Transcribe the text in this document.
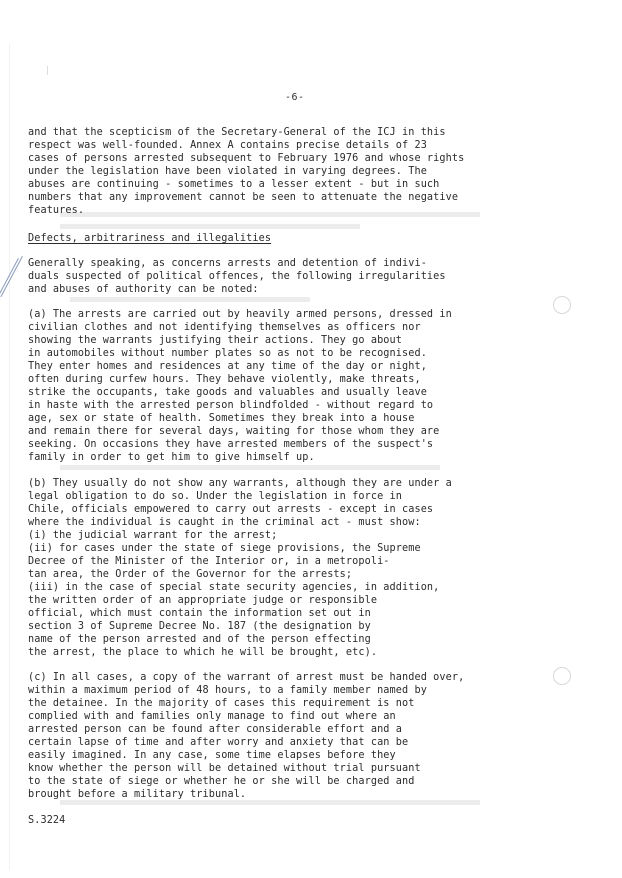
-6-
and that the scepticism of the Secretary-General of the ICJ in this
respect was well-founded. Annex A contains precise details of 23
cases of persons arrested subsequent to February 1976 and whose rights
under the legislation have been violated in varying degrees. The
abuses are continuing - sometimes to a lesser extent - but in such
numbers that any improvement cannot be seen to attenuate the negative
features.
Defects, arbitrariness and illegalities
Generally speaking, as concerns arrests and detention of indivi-
duals suspected of political offences, the following irregularities
and abuses of authority can be noted:
(a) The arrests are carried out by heavily armed persons, dressed in
civilian clothes and not identifying themselves as officers nor
showing the warrants justifying their actions. They go about
in automobiles without number plates so as not to be recognised.
They enter homes and residences at any time of the day or night,
often during curfew hours. They behave violently, make threats,
strike the occupants, take goods and valuables and usually leave
in haste with the arrested person blindfolded - without regard to
age, sex or state of health. Sometimes they break into a house
and remain there for several days, waiting for those whom they are
seeking. On occasions they have arrested members of the suspect's
family in order to get him to give himself up.
(b) They usually do not show any warrants, although they are under a
legal obligation to do so. Under the legislation in force in
Chile, officials empowered to carry out arrests - except in cases
where the individual is caught in the criminal act - must show:
(i) the judicial warrant for the arrest;
(ii) for cases under the state of siege provisions, the Supreme
Decree of the Minister of the Interior or, in a metropoli-
tan area, the Order of the Governor for the arrests;
(iii) in the case of special state security agencies, in addition,
the written order of an appropriate judge or responsible
official, which must contain the information set out in
section 3 of Supreme Decree No. 187 (the designation by
name of the person arrested and of the person effecting
the arrest, the place to which he will be brought, etc).
(c) In all cases, a copy of the warrant of arrest must be handed over,
within a maximum period of 48 hours, to a family member named by
the detainee. In the majority of cases this requirement is not
complied with and families only manage to find out where an
arrested person can be found after considerable effort and a
certain lapse of time and after worry and anxiety that can be
easily imagined. In any case, some time elapses before they
know whether the person will be detained without trial pursuant
to the state of siege or whether he or she will be charged and
brought before a military tribunal.
S.3224
